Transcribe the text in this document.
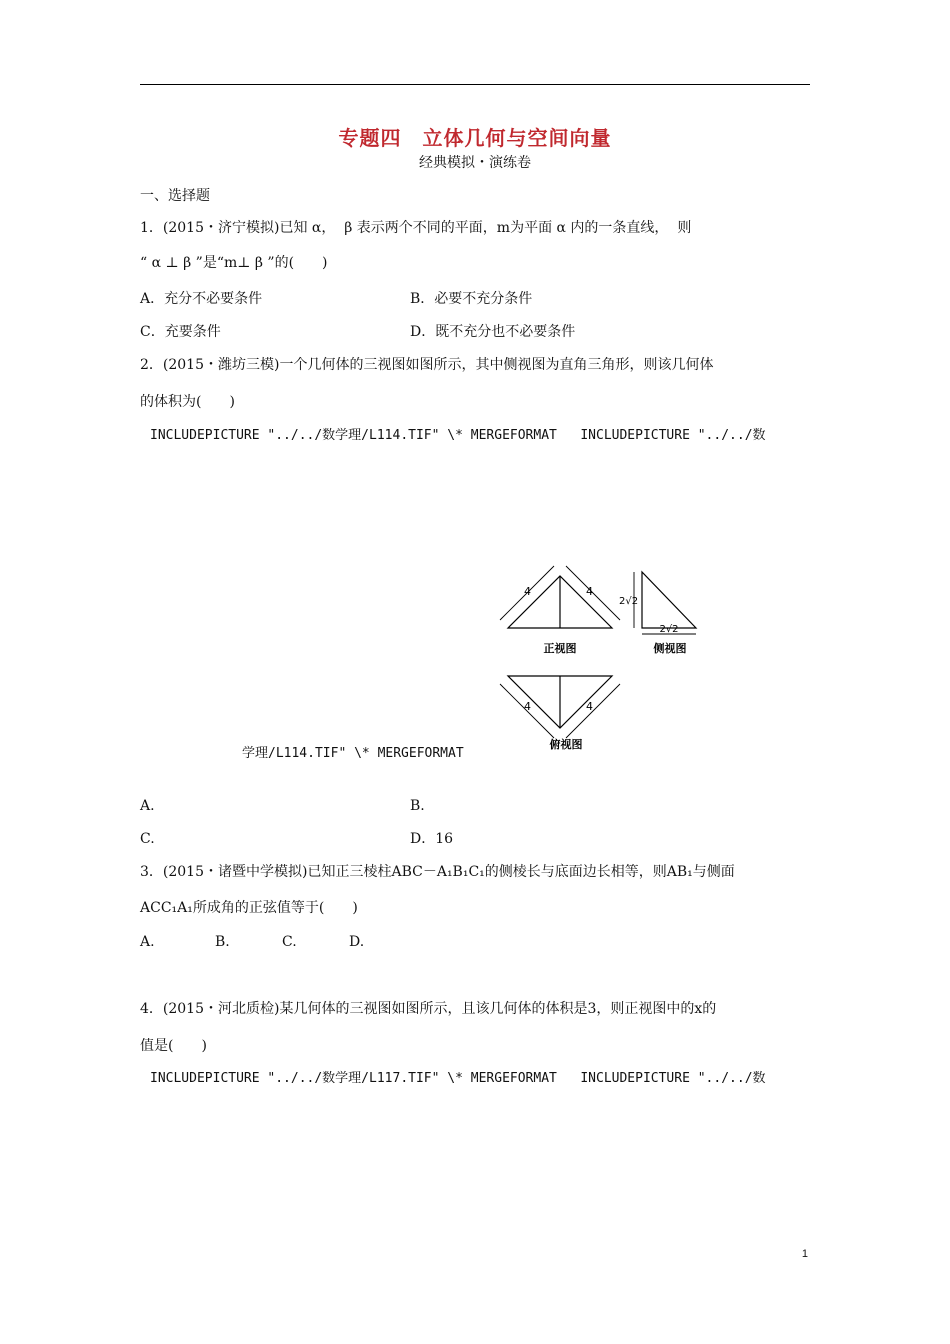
专题四　立体几何与空间向量
经典模拟・演练卷
一、选择题
1．(2015・济宁模拟)已知 α，  β 表示两个不同的平面，m为平面 α 内的一条直线，  则
“ α ⊥ β ”是“m⊥ β ”的(　　)
A．充分不必要条件	B．必要不充分条件
C．充要条件	D．既不充分也不必要条件
2．(2015・潍坊三模)一个几何体的三视图如图所示，其中侧视图为直角三角形，则该几何体
的体积为(　　)
INCLUDEPICTURE "../../数学理/L114.TIF" \* MERGEFORMAT   INCLUDEPICTURE "../../数
4	4
正视图
2√2
2√2
侧视图
4	4
俯视图
学理/L114.TIF" \* MERGEFORMAT
A.	B.
C.	D．16
3．(2015・诸暨中学模拟)已知正三棱柱ABC－A₁B₁C₁的侧棱长与底面边长相等，则AB₁与侧面
ACC₁A₁所成角的正弦值等于(　　)
A.	B.	C.	D.
4．(2015・河北质检)某几何体的三视图如图所示，且该几何体的体积是3，则正视图中的x的
值是(　　)
INCLUDEPICTURE "../../数学理/L117.TIF" \* MERGEFORMAT   INCLUDEPICTURE "../../数
1
